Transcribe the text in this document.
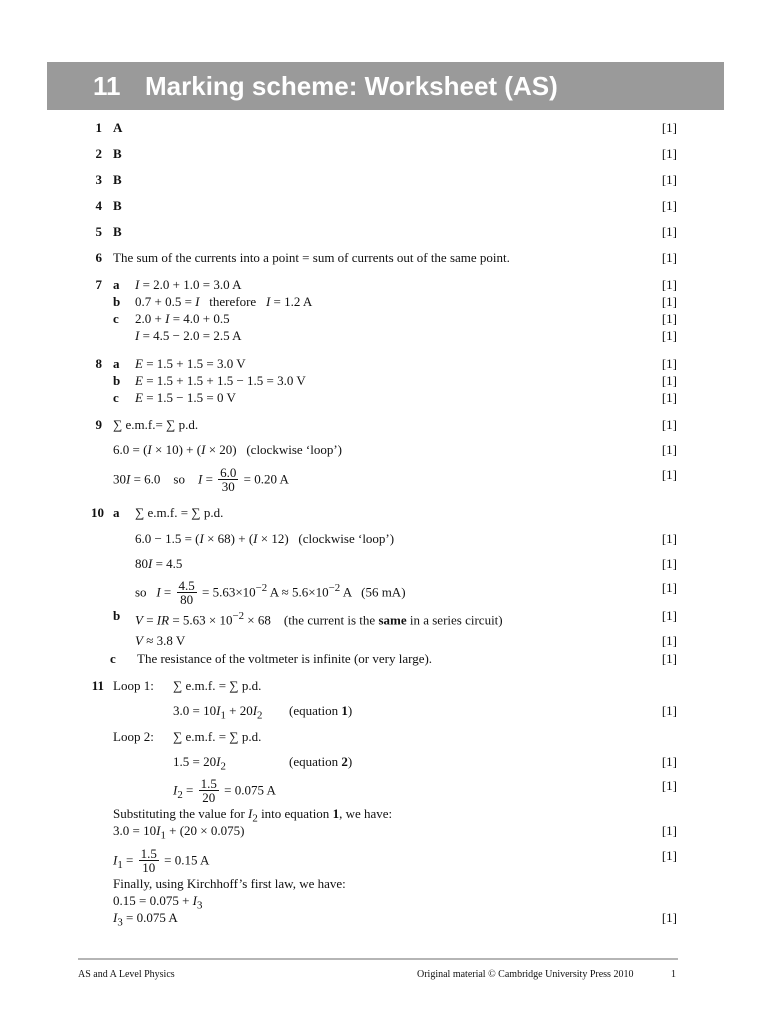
11 Marking scheme: Worksheet (AS)
1 A	[1]
2 B	[1]
3 B	[1]
4 B	[1]
5 B	[1]
6 The sum of the currents into a point = sum of currents out of the same point.	[1]
7 a I = 2.0 + 1.0 = 3.0 A	[1]
b 0.7 + 0.5 = I   therefore   I = 1.2 A	[1]
c 2.0 + I = 4.0 + 0.5	[1]
I = 4.5 − 2.0 = 2.5 A	[1]
8 a E = 1.5 + 1.5 = 3.0 V	[1]
b E = 1.5 + 1.5 + 1.5 − 1.5 = 3.0 V	[1]
c E = 1.5 − 1.5 = 0 V	[1]
9 ∑ e.m.f.= ∑ p.d.	[1]
6.0 = (I × 10) + (I × 20)   (clockwise ‘loop’)	[1]
30I = 6.0    so    $I = \frac{6.0}{30} = 0.20$ A	[1]
10 a ∑ e.m.f. = ∑ p.d.
6.0 − 1.5 = (I × 68) + (I × 12)   (clockwise ‘loop’)	[1]
80I = 4.5	[1]
so   $I = \frac{4.5}{80} = 5.63\times 10^{-2}$ $A \approx 5.6\times 10^{-2}$ A   (56 mA)	[1]
b V = IR = $5.63 \times 10^{-2} \times 68$    (the current is the same in a series circuit)	[1]
V ≈ 3.8 V	[1]
c The resistance of the voltmeter is infinite (or very large).	[1]
11 Loop 1: ∑ e.m.f. = ∑ p.d.
$3.0 = 10I_1 + 20I_2$ (equation 1)	[1]
Loop 2: ∑ e.m.f. = ∑ p.d.
$1.5 = 20I_2$	(equation 2)	[1]
$I_2 = \frac{1.5}{20} = 0.075$ A	[1]
Substituting the value for $I_2$ into equation 1, we have:
$3.0 = 10I_1 + (20 \times 0.075)$	[1]
$I_1 = \frac{1.5}{10} = 0.15$ A	[1]
Finally, using Kirchhoff’s first law, we have:
$0.15 = 0.075 + I_3$
$I_3 = 0.075$ A	[1]
AS and A Level Physics	Original material © Cambridge University Press 2010	1
